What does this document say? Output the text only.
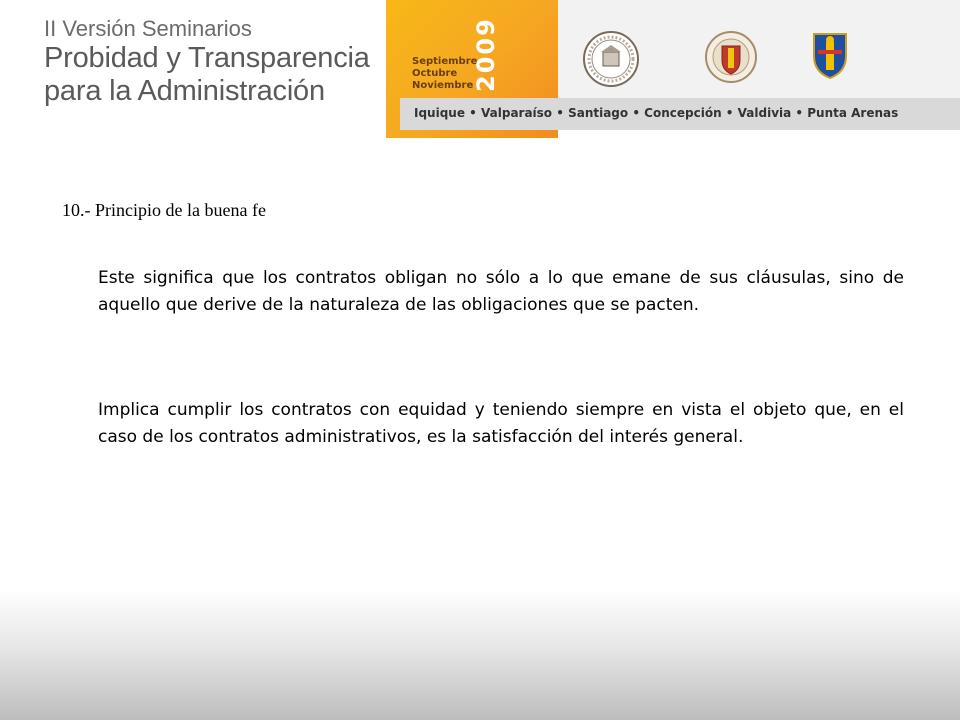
II Versión Seminarios
Probidad y Transparencia
para la Administración
Septiembre
Octubre
Noviembre
2009
Iquique • Valparaíso • Santiago • Concepción • Valdivia • Punta Arenas
10.- Principio de la buena fe
Este significa que los contratos obligan no sólo a lo que emane de sus cláusulas, sino de aquello que derive de la naturaleza de las obligaciones que se pacten.
Implica cumplir los contratos con equidad y teniendo siempre en vista el objeto que, en el caso de los contratos administrativos, es la satisfacción del interés general.
